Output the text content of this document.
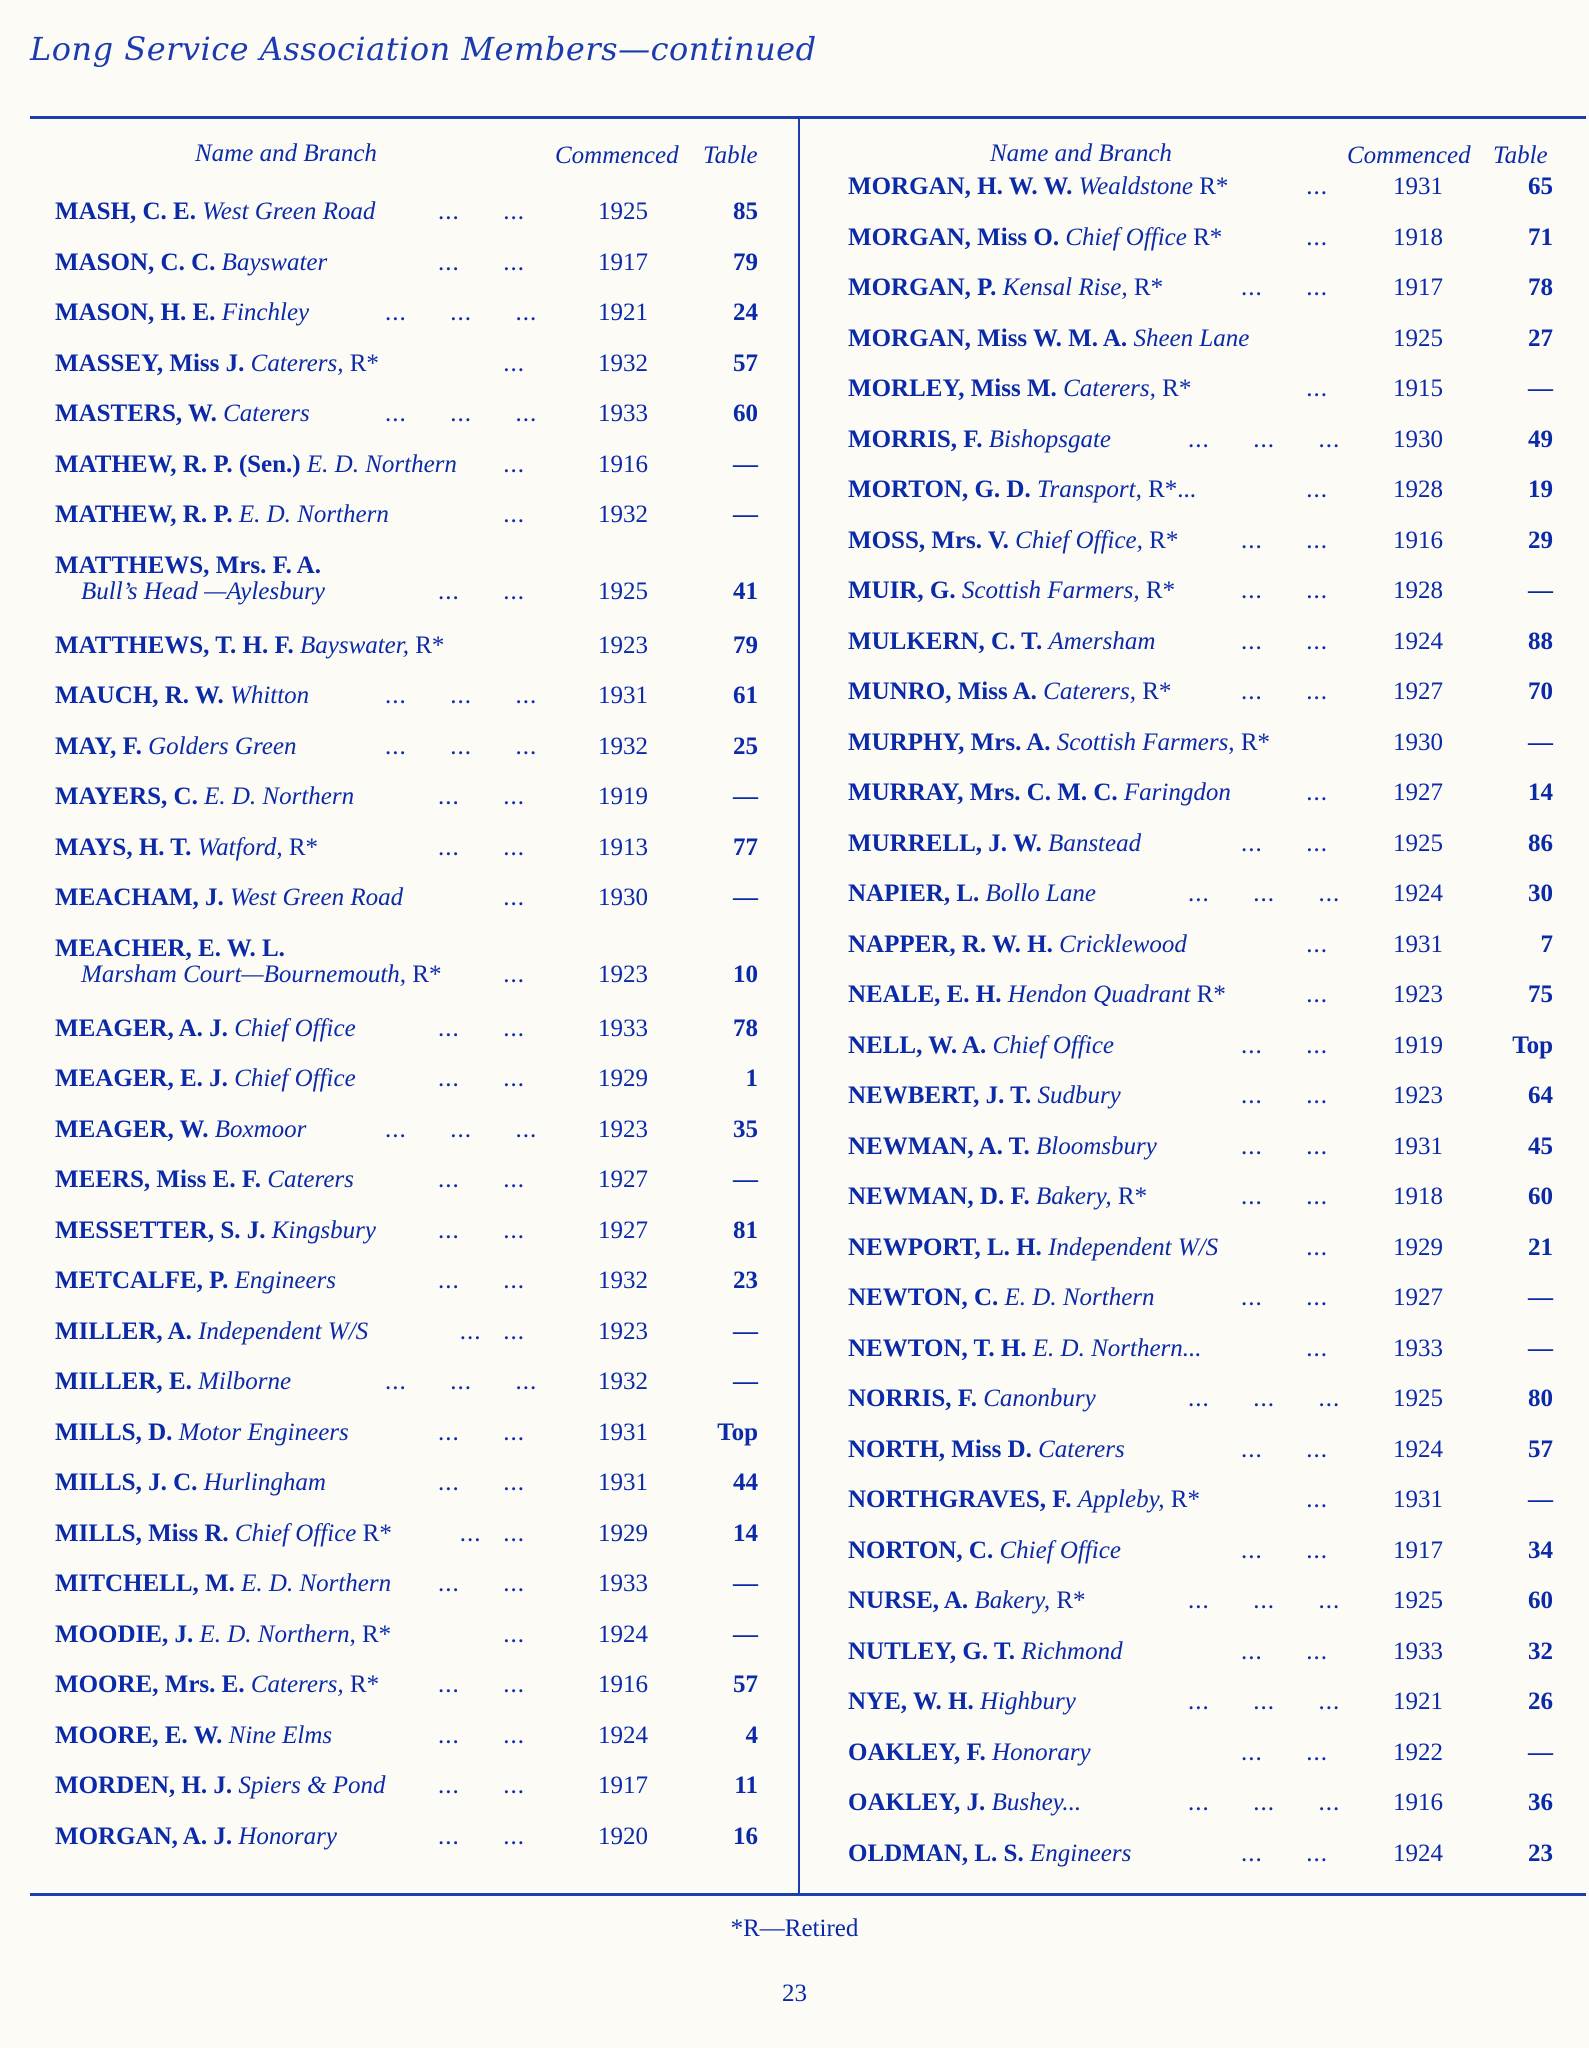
Long Service Association Members—continued
Name and Branch	Commenced Table	Name and Branch	Commenced Table
MASH, C. E. West Green Road	...      ...	1925	85
MASON, C. C. Bayswater	...      ...	1917	79
MASON, H. E. Finchley	...      ...      ...	1921	24
MASSEY, Miss J. Caterers, R*	...	1932	57
MASTERS, W. Caterers	...      ...      ...	1933	60
MATHEW, R. P. (Sen.) E. D. Northern	...	1916	—
MATHEW, R. P. E. D. Northern	...	1932	—
MATTHEWS, Mrs. F. A.
Bull’s Head —Aylesbury	...      ...	1925	41
MATTHEWS, T. H. F. Bayswater, R*	1923	79
MAUCH, R. W. Whitton	...      ...      ...	1931	61
MAY, F. Golders Green	...      ...      ...	1932	25
MAYERS, C. E. D. Northern	...      ...	1919	—
MAYS, H. T. Watford, R*	...      ...	1913	77
MEACHAM, J. West Green Road	...	1930	—
MEACHER, E. W. L.
Marsham Court—Bournemouth, R*	...	1923	10
MEAGER, A. J. Chief Office	...      ...	1933	78
MEAGER, E. J. Chief Office	...      ...	1929	1
MEAGER, W. Boxmoor	...      ...      ...	1923	35
MEERS, Miss E. F. Caterers	...      ...	1927	—
MESSETTER, S. J. Kingsbury	...      ...	1927	81
METCALFE, P. Engineers	...      ...	1932	23
MILLER, A. Independent W/S	...   ...	1923	—
MILLER, E. Milborne	...      ...      ...	1932	—
MILLS, D. Motor Engineers	...      ...	1931	Top
MILLS, J. C. Hurlingham	...      ...	1931	44
MILLS, Miss R. Chief Office R*	...   ...	1929	14
MITCHELL, M. E. D. Northern	...      ...	1933	—
MOODIE, J. E. D. Northern, R*	...	1924	—
MOORE, Mrs. E. Caterers, R*	...      ...	1916	57
MOORE, E. W. Nine Elms	...      ...	1924	4
MORDEN, H. J. Spiers & Pond	...      ...	1917	11
MORGAN, A. J. Honorary	...      ...	1920	16
MORGAN, H. W. W. Wealdstone R*	...	1931	65
MORGAN, Miss O. Chief Office R*	...	1918	71
MORGAN, P. Kensal Rise, R*	...      ...	1917	78
MORGAN, Miss W. M. A. Sheen Lane	1925	27
MORLEY, Miss M. Caterers, R*	...	1915	—
MORRIS, F. Bishopsgate	...      ...      ...	1930	49
MORTON, G. D. Transport, R*...	...	1928	19
MOSS, Mrs. V. Chief Office, R*	...      ...	1916	29
MUIR, G. Scottish Farmers, R*	...      ...	1928	—
MULKERN, C. T. Amersham	...      ...	1924	88
MUNRO, Miss A. Caterers, R*	...      ...	1927	70
MURPHY, Mrs. A. Scottish Farmers, R*	1930	—
MURRAY, Mrs. C. M. C. Faringdon	...	1927	14
MURRELL, J. W. Banstead	...      ...	1925	86
NAPIER, L. Bollo Lane	...      ...      ...	1924	30
NAPPER, R. W. H. Cricklewood	...	1931	7
NEALE, E. H. Hendon Quadrant R*	...	1923	75
NELL, W. A. Chief Office	...      ...	1919	Top
NEWBERT, J. T. Sudbury	...      ...	1923	64
NEWMAN, A. T. Bloomsbury	...      ...	1931	45
NEWMAN, D. F. Bakery, R*	...      ...	1918	60
NEWPORT, L. H. Independent W/S	...	1929	21
NEWTON, C. E. D. Northern	...      ...	1927	—
NEWTON, T. H. E. D. Northern...	...	1933	—
NORRIS, F. Canonbury	...      ...      ...	1925	80
NORTH, Miss D. Caterers	...      ...	1924	57
NORTHGRAVES, F. Appleby, R*	...	1931	—
NORTON, C. Chief Office	...      ...	1917	34
NURSE, A. Bakery, R*	...      ...      ...	1925	60
NUTLEY, G. T. Richmond	...      ...	1933	32
NYE, W. H. Highbury	...      ...      ...	1921	26
OAKLEY, F. Honorary	...      ...	1922	—
OAKLEY, J. Bushey...	...      ...      ...	1916	36
OLDMAN, L. S. Engineers	...      ...	1924	23
*R—Retired
23
